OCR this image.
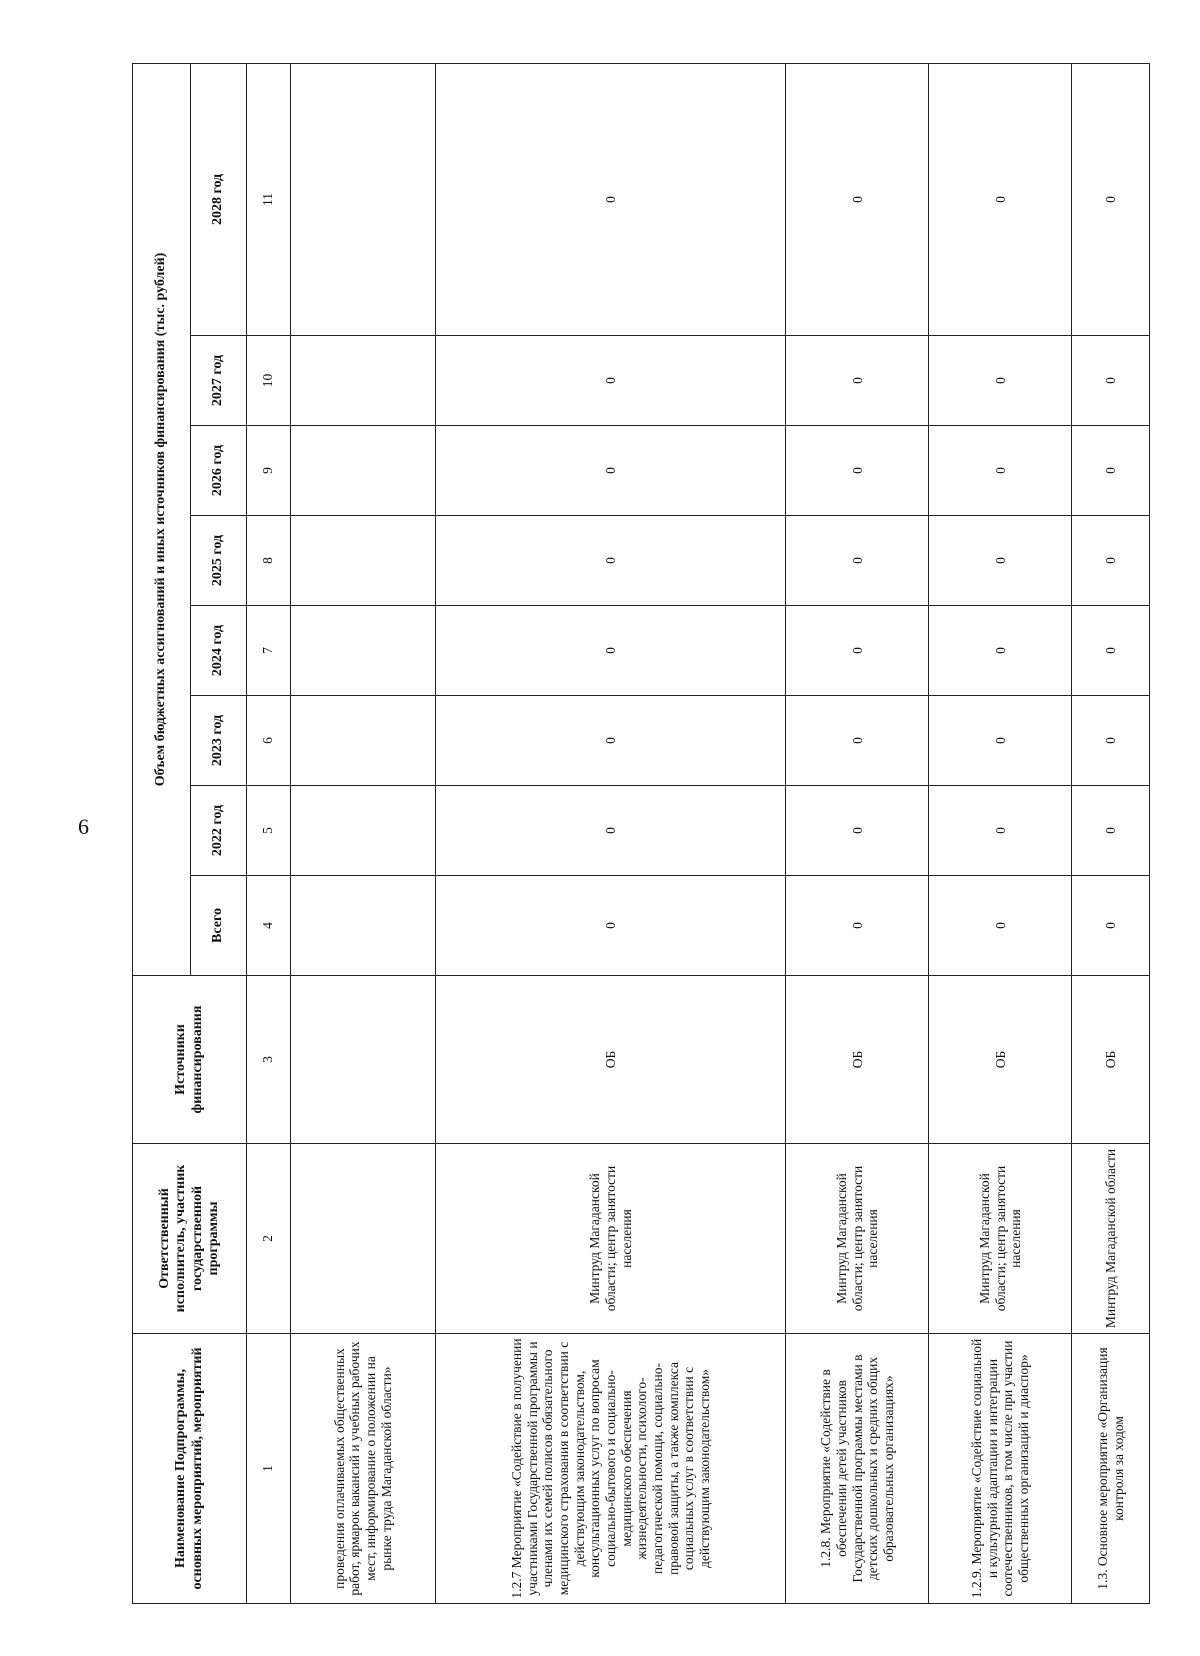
6
Наименование Подпрограммы, основных мероприятий, мероприятий	Ответственный исполнитель, участник государственной программы	Источники финансирования	Объем бюджетных ассигнований и иных источников финансирования (тыс. рублей)							
			Всего	2022 год	2023 год	2024 год	2025 год	2026 год	2027 год	2028 год
1	2	3	4	5	6	7	8	9	10	11
проведения оплачиваемых общественных работ, ярмарок вакансий и учебных рабочих мест, информирование о положении на рынке труда Магаданской области»										
1.2.7 Мероприятие «Содействие в получении участниками Государственной программы и членами их семей полисов обязательного медицинского страхования в соответствии с действующим законодательством, консультационных услуг по вопросам социально-бытового и социально-медицинского обеспечения жизнедеятельности, психолого-педагогической помощи, социально-правовой защиты, а также комплекса социальных услуг в соответствии с действующим законодательством»	Минтруд Магаданской области; центр занятости населения	ОБ	0	0	0	0	0	0	0	0
1.2.8. Мероприятие «Содействие в обеспечении детей участников Государственной программы местами в детских дошкольных и средних общих образовательных организациях»	Минтруд Магаданской области; центр занятости населения	ОБ	0	0	0	0	0	0	0	0
1.2.9. Мероприятие «Содействие социальной и культурной адаптации и интеграции соотечественников, в том числе при участии общественных организаций и диаспор»	Минтруд Магаданской области; центр занятости населения	ОБ	0	0	0	0	0	0	0	0
1.3. Основное мероприятие «Организация контроля за ходом	Минтруд Магаданской области	ОБ	0	0	0	0	0	0	0	0
